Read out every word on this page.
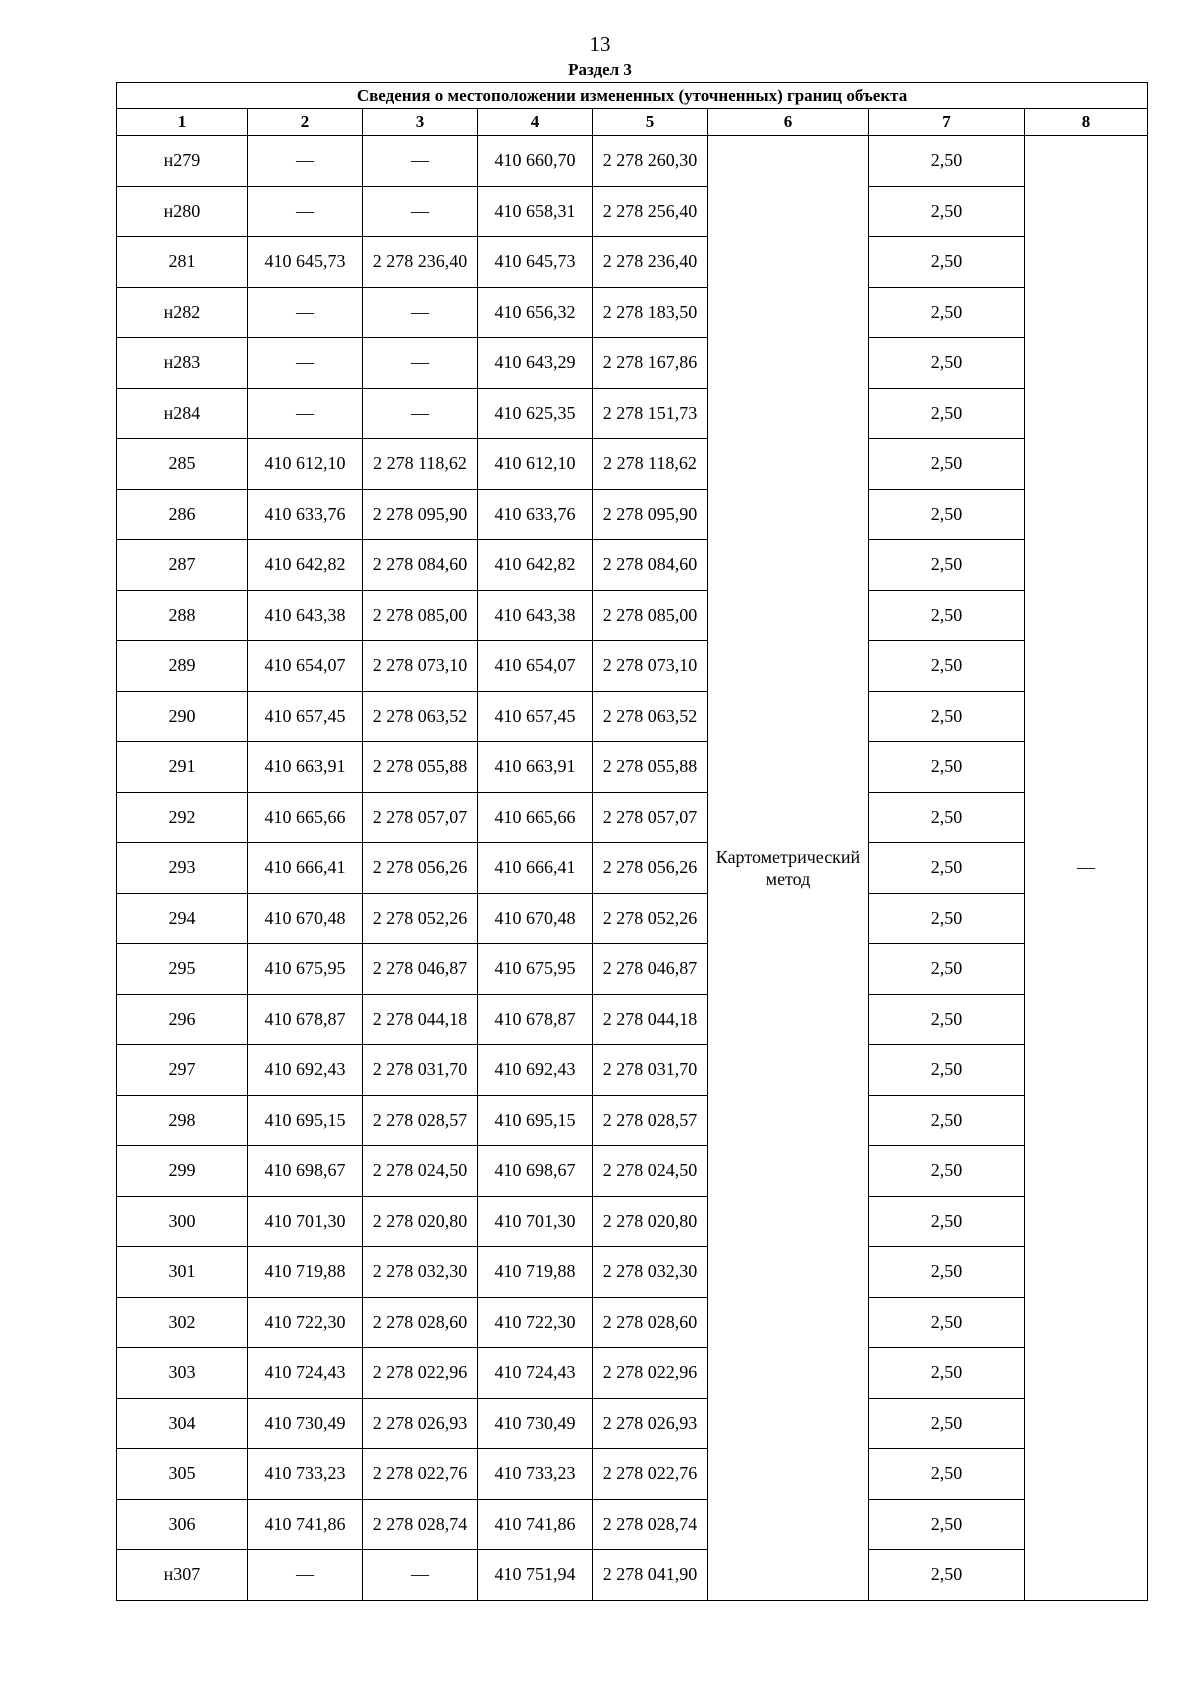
13
Раздел 3
Сведения о местоположении измененных (уточненных) границ объекта							
1	2	3	4	5	6	7	8
н279	—	—	410 660,70	2 278 260,30	Картометрический метод	2,50	—
н280	—	—	410 658,31	2 278 256,40		2,50	
281	410 645,73	2 278 236,40	410 645,73	2 278 236,40		2,50	
н282	—	—	410 656,32	2 278 183,50		2,50	
н283	—	—	410 643,29	2 278 167,86		2,50	
н284	—	—	410 625,35	2 278 151,73		2,50	
285	410 612,10	2 278 118,62	410 612,10	2 278 118,62		2,50	
286	410 633,76	2 278 095,90	410 633,76	2 278 095,90		2,50	
287	410 642,82	2 278 084,60	410 642,82	2 278 084,60		2,50	
288	410 643,38	2 278 085,00	410 643,38	2 278 085,00		2,50	
289	410 654,07	2 278 073,10	410 654,07	2 278 073,10		2,50	
290	410 657,45	2 278 063,52	410 657,45	2 278 063,52		2,50	
291	410 663,91	2 278 055,88	410 663,91	2 278 055,88		2,50	
292	410 665,66	2 278 057,07	410 665,66	2 278 057,07		2,50	
293	410 666,41	2 278 056,26	410 666,41	2 278 056,26		2,50	
294	410 670,48	2 278 052,26	410 670,48	2 278 052,26		2,50	
295	410 675,95	2 278 046,87	410 675,95	2 278 046,87		2,50	
296	410 678,87	2 278 044,18	410 678,87	2 278 044,18		2,50	
297	410 692,43	2 278 031,70	410 692,43	2 278 031,70		2,50	
298	410 695,15	2 278 028,57	410 695,15	2 278 028,57		2,50	
299	410 698,67	2 278 024,50	410 698,67	2 278 024,50		2,50	
300	410 701,30	2 278 020,80	410 701,30	2 278 020,80		2,50	
301	410 719,88	2 278 032,30	410 719,88	2 278 032,30		2,50	
302	410 722,30	2 278 028,60	410 722,30	2 278 028,60		2,50	
303	410 724,43	2 278 022,96	410 724,43	2 278 022,96		2,50	
304	410 730,49	2 278 026,93	410 730,49	2 278 026,93		2,50	
305	410 733,23	2 278 022,76	410 733,23	2 278 022,76		2,50	
306	410 741,86	2 278 028,74	410 741,86	2 278 028,74		2,50	
н307	—	—	410 751,94	2 278 041,90		2,50	
